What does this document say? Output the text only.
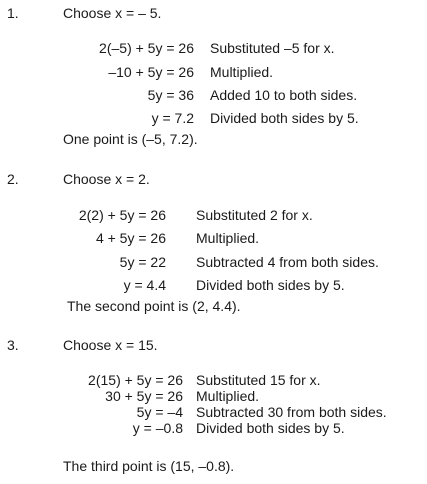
1.	Choose x = – 5.
2(–5) + 5y = 26 Substituted –5 for x.
–10 + 5y = 26 Multiplied.
5y = 36 Added 10 to both sides.
y = 7.2 Divided both sides by 5.
One point is (–5, 7.2).
2.	Choose x = 2.
2(2) + 5y = 26 Substituted 2 for x.
4 + 5y = 26 Multiplied.
5y = 22 Subtracted 4 from both sides.
y = 4.4 Divided both sides by 5.
The second point is (2, 4.4).
3.	Choose x = 15.
2(15) + 5y = 26 Substituted 15 for x.
30 + 5y = 26 Multiplied.
5y = –4 Subtracted 30 from both sides.
y = –0.8 Divided both sides by 5.
The third point is (15, –0.8).
